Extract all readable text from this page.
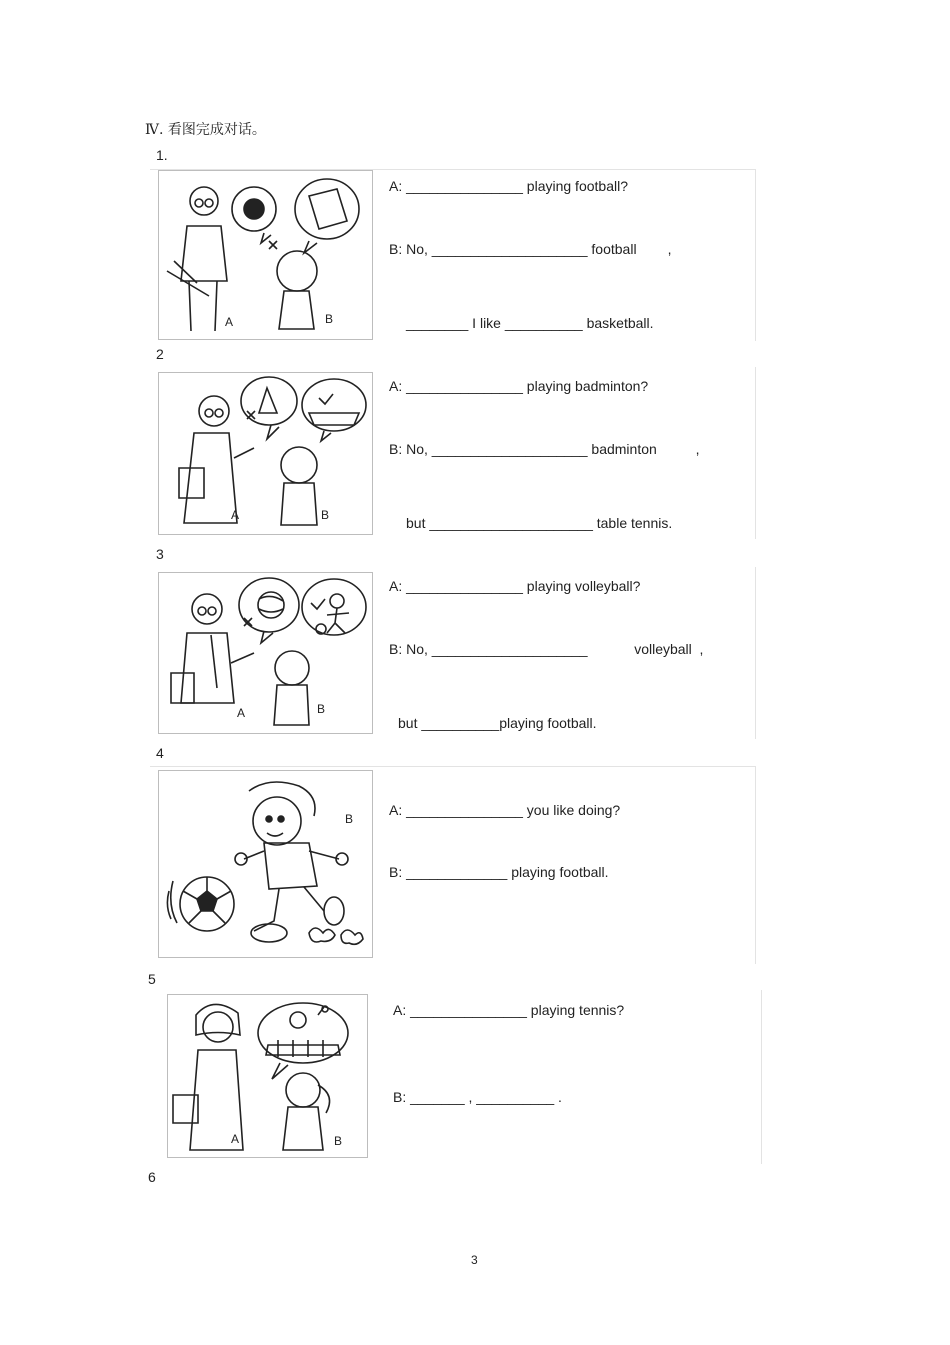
Ⅳ. 看图完成对话。
1.
A	B
A: _______________ playing football?
B: No, ____________________ football        ,
________ I like __________ basketball.
2
A	B
A: _______________ playing badminton?
B: No, ____________________ badminton          ,
but _____________________ table tennis.
3
A	B
A: _______________ playing volleyball?
B: No, ____________________            volleyball  ,
but __________playing football.
4
B
A: _______________ you like doing?
B: _____________ playing football.
5
A	B
A: _______________ playing tennis?
B: _______ , __________ .
6
3
